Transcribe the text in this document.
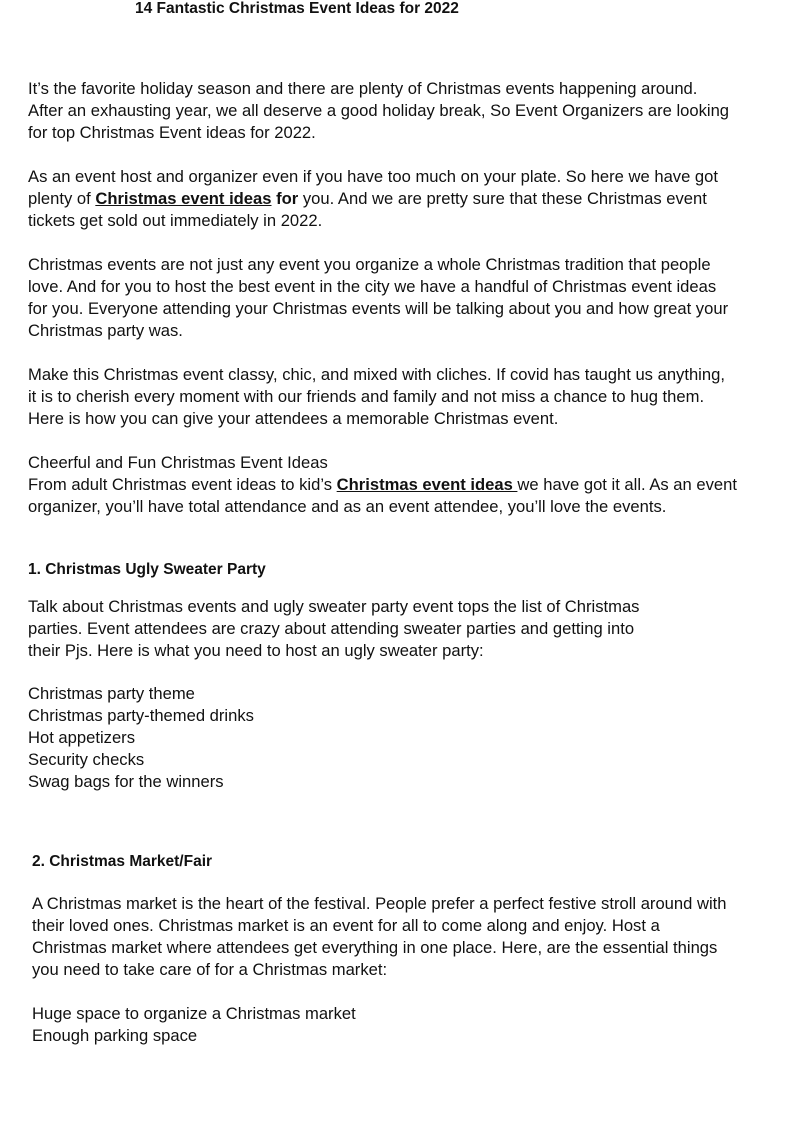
14 Fantastic Christmas Event Ideas for 2022
It’s the favorite holiday season and there are plenty of Christmas events happening around.
After an exhausting year, we all deserve a good holiday break, So Event Organizers are looking
for top Christmas Event ideas for 2022.
As an event host and organizer even if you have too much on your plate. So here we have got
plenty of Christmas event ideas for you. And we are pretty sure that these Christmas event
tickets get sold out immediately in 2022.
Christmas events are not just any event you organize a whole Christmas tradition that people
love. And for you to host the best event in the city we have a handful of Christmas event ideas
for you. Everyone attending your Christmas events will be talking about you and how great your
Christmas party was.
Make this Christmas event classy, chic, and mixed with cliches. If covid has taught us anything,
it is to cherish every moment with our friends and family and not miss a chance to hug them.
Here is how you can give your attendees a memorable Christmas event.
Cheerful and Fun Christmas Event Ideas
From adult Christmas event ideas to kid’s Christmas event ideas we have got it all. As an event
organizer, you’ll have total attendance and as an event attendee, you’ll love the events.
1. Christmas Ugly Sweater Party
Talk about Christmas events and ugly sweater party event tops the list of Christmas
parties. Event attendees are crazy about attending sweater parties and getting into
their Pjs. Here is what you need to host an ugly sweater party:
Christmas party theme
Christmas party-themed drinks
Hot appetizers
Security checks
Swag bags for the winners
2. Christmas Market/Fair
A Christmas market is the heart of the festival. People prefer a perfect festive stroll around with
their loved ones. Christmas market is an event for all to come along and enjoy. Host a
Christmas market where attendees get everything in one place. Here, are the essential things
you need to take care of for a Christmas market:
Huge space to organize a Christmas market
Enough parking space
